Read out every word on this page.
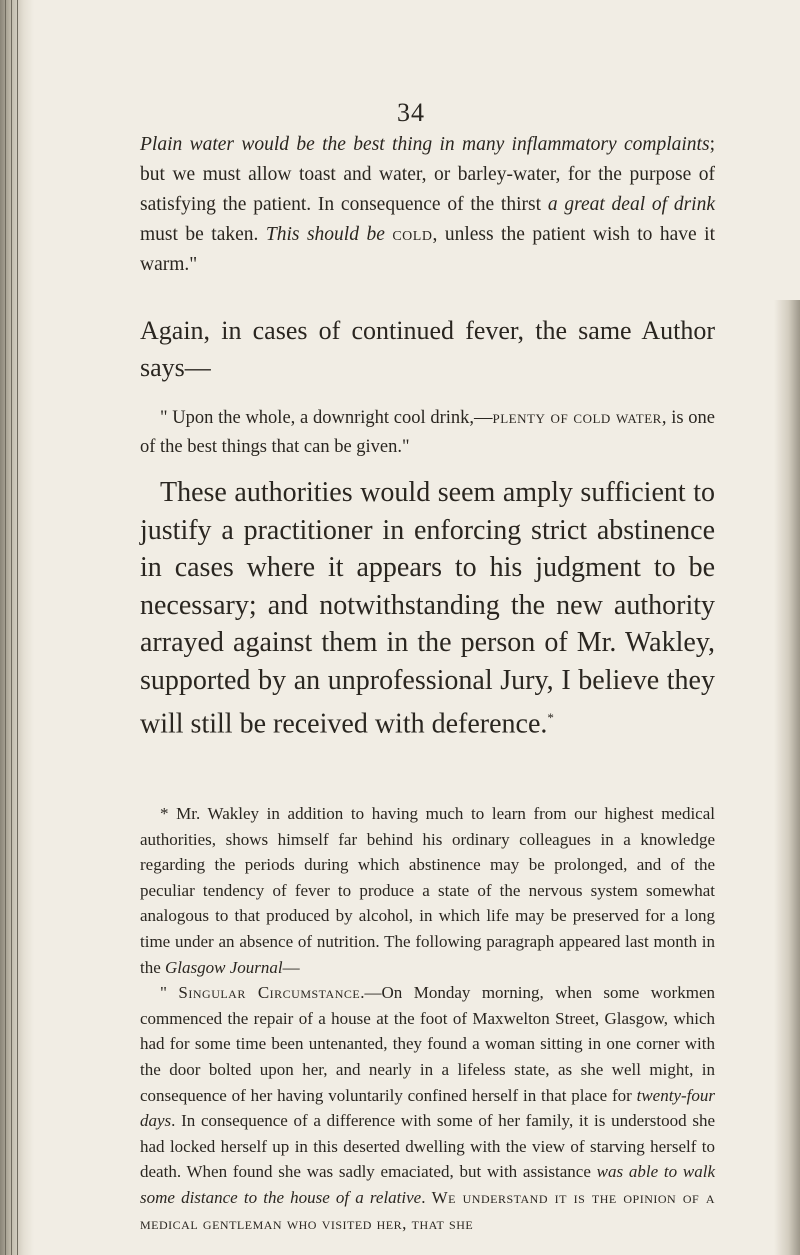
34

Plain water would be the best thing in many inflammatory complaints; but we must allow toast and water, or barley-water, for the purpose of satisfying the patient. In consequence of the thirst a great deal of drink must be taken. This should be cold, unless the patient wish to have it warm."

Again, in cases of continued fever, the same Author says—

" Upon the whole, a downright cool drink,—plenty of cold water, is one of the best things that can be given."

These authorities would seem amply sufficient to justify a practitioner in enforcing strict abstinence in cases where it appears to his judgment to be necessary; and notwithstanding the new authority arrayed against them in the person of Mr. Wakley, supported by an unprofessional Jury, I believe they will still be received with deference.*

* Mr. Wakley in addition to having much to learn from our highest medical authorities, shows himself far behind his ordinary colleagues in a knowledge regarding the periods during which abstinence may be prolonged, and of the peculiar tendency of fever to produce a state of the nervous system somewhat analogous to that produced by alcohol, in which life may be preserved for a long time under an absence of nutrition. The following paragraph appeared last month in the Glasgow Journal—

" Singular Circumstance.—On Monday morning, when some workmen commenced the repair of a house at the foot of Maxwelton Street, Glasgow, which had for some time been untenanted, they found a woman sitting in one corner with the door bolted upon her, and nearly in a lifeless state, as she well might, in consequence of her having voluntarily confined herself in that place for twenty-four days. In consequence of a difference with some of her family, it is understood she had locked herself up in this deserted dwelling with the view of starving herself to death. When found she was sadly emaciated, but with assistance was able to walk some distance to the house of a relative. We understand it is the opinion of a medical gentleman who visited her, that she
